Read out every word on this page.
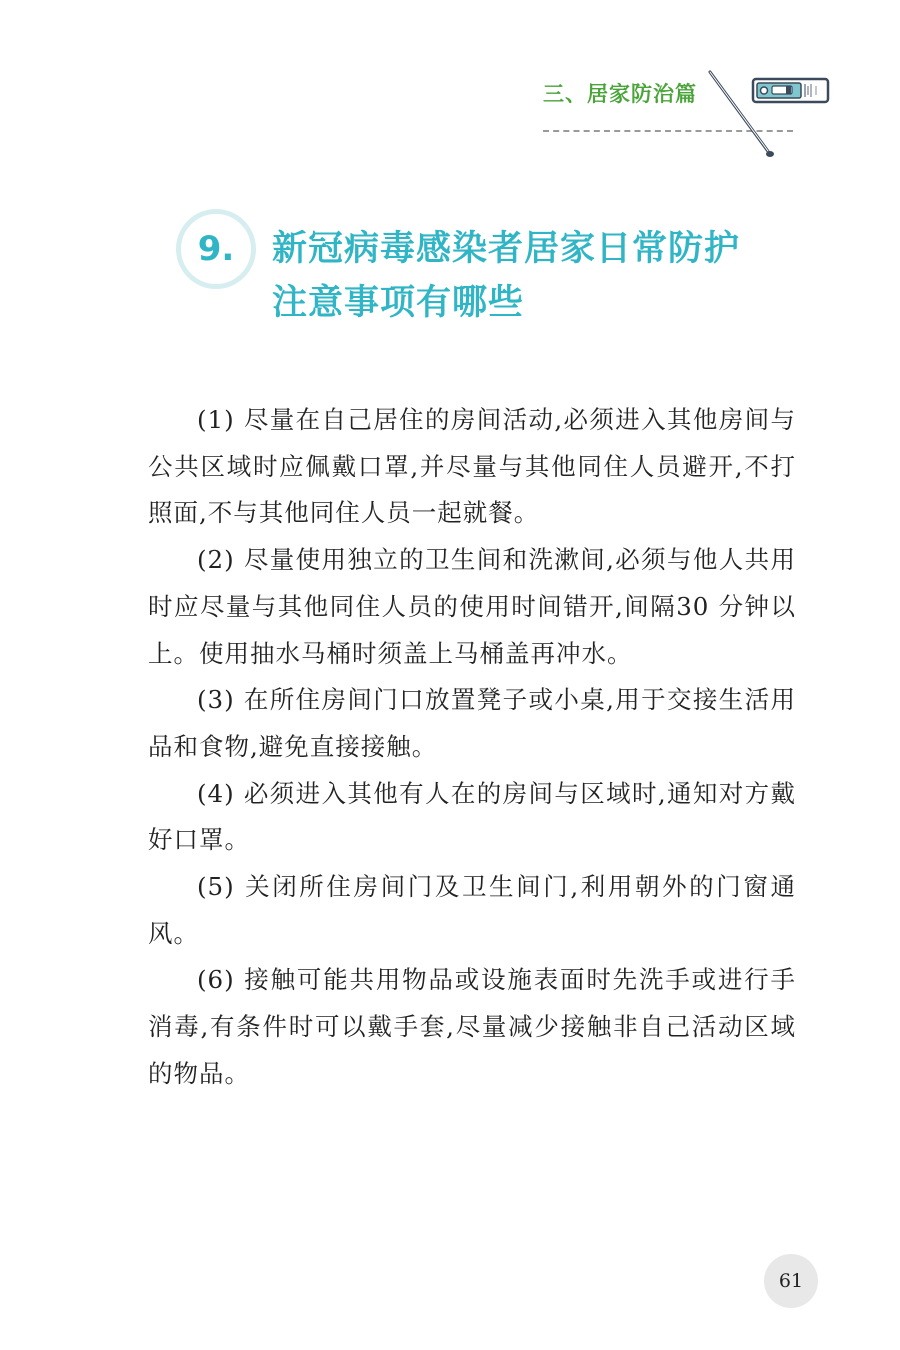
三、居家防治篇
9.	新冠病毒感染者居家日常防护
注意事项有哪些

(1) 尽量在自己居住的房间活动,必须进入其他房间与公共区域时应佩戴口罩,并尽量与其他同住人员避开,不打照面,不与其他同住人员一起就餐。

(2) 尽量使用独立的卫生间和洗漱间,必须与他人共用时应尽量与其他同住人员的使用时间错开,间隔30 分钟以上。使用抽水马桶时须盖上马桶盖再冲水。

(3) 在所住房间门口放置凳子或小桌,用于交接生活用品和食物,避免直接接触。

(4) 必须进入其他有人在的房间与区域时,通知对方戴好口罩。

(5) 关闭所住房间门及卫生间门,利用朝外的门窗通风。

(6) 接触可能共用物品或设施表面时先洗手或进行手消毒,有条件时可以戴手套,尽量减少接触非自己活动区域的物品。

61
